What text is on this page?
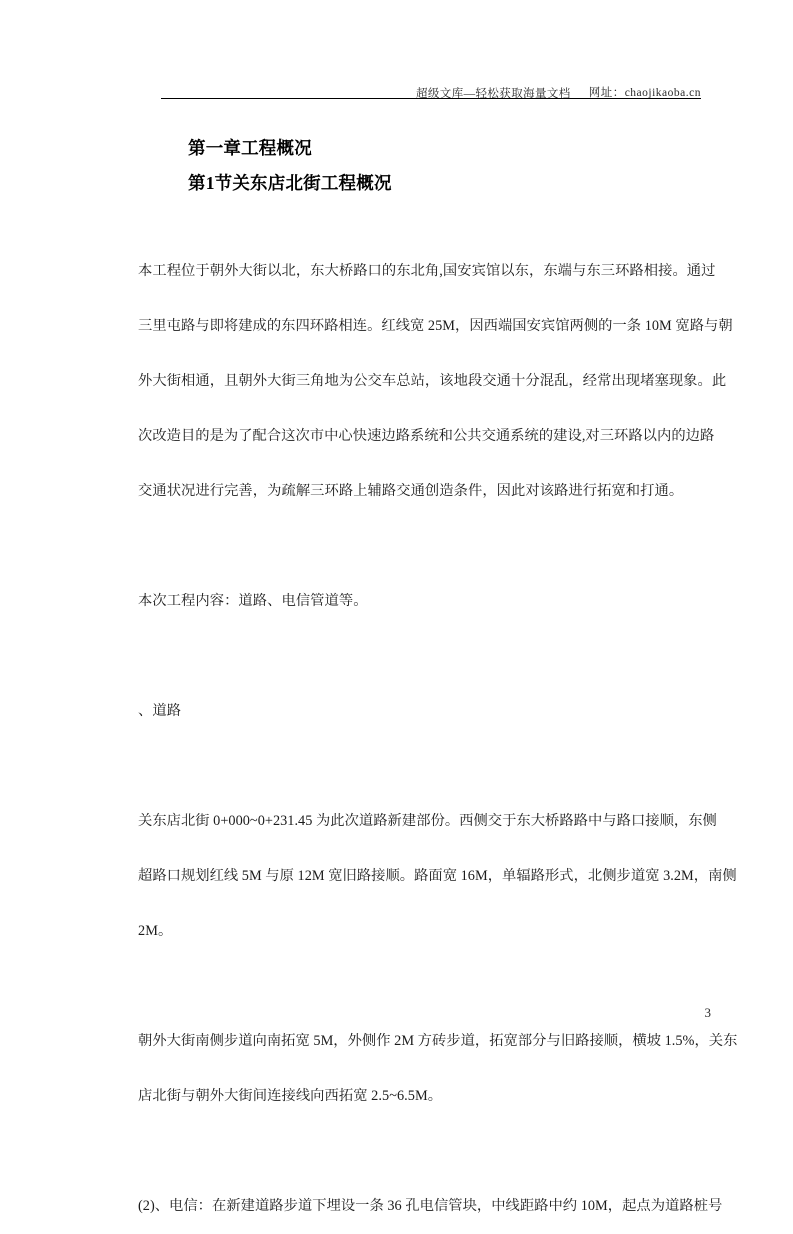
超级文库—轻松获取海量文档 网址：chaojikaoba.cn
第一章工程概况
第1节关东店北街工程概况
本工程位于朝外大街以北，东大桥路口的东北角,国安宾馆以东，东端与东三环路相接。通过
三里屯路与即将建成的东四环路相连。红线宽 25M，因西端国安宾馆两侧的一条 10M 宽路与朝
外大街相通，且朝外大街三角地为公交车总站，该地段交通十分混乱，经常出现堵塞现象。此
次改造目的是为了配合这次市中心快速边路系统和公共交通系统的建设,对三环路以内的边路
交通状况进行完善，为疏解三环路上辅路交通创造条件，因此对该路进行拓宽和打通。
本次工程内容：道路、电信管道等。
、道路
关东店北街 0+000~0+231.45 为此次道路新建部份。西侧交于东大桥路路中与路口接顺，东侧
超路口规划红线 5M 与原 12M 宽旧路接顺。路面宽 16M，单辐路形式，北侧步道宽 3.2M，南侧
2M。
朝外大街南侧步道向南拓宽 5M，外侧作 2M 方砖步道，拓宽部分与旧路接顺，横坡 1.5%，关东
店北街与朝外大街间连接线向西拓宽 2.5~6.5M。
(2)、电信：在新建道路步道下埋设一条 36 孔电信管块，中线距路中约 10M，起点为道路桩号
3
